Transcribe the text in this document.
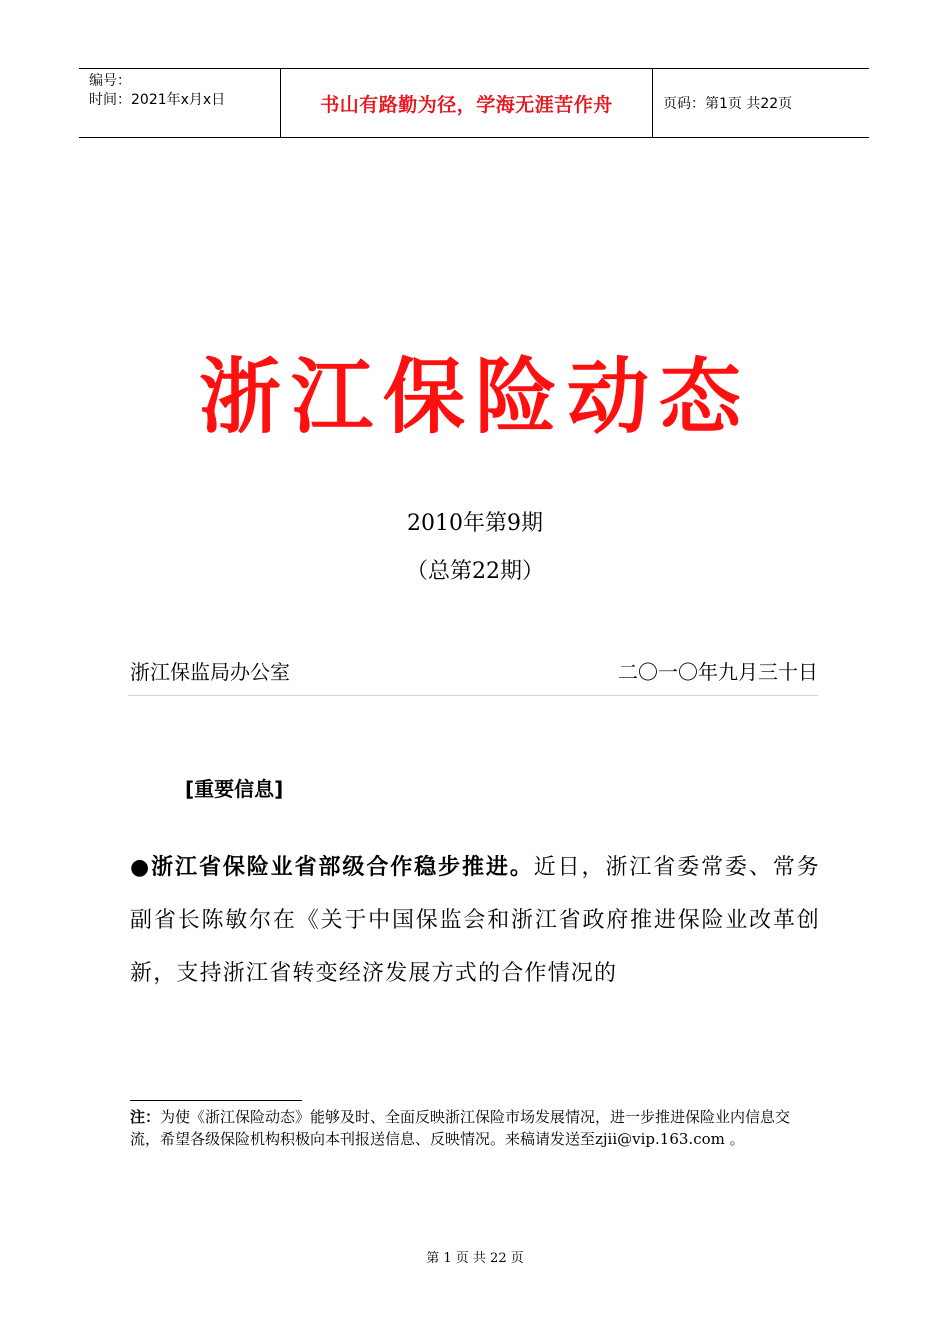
编号：
时间：2021年x月x日	书山有路勤为径，学海无涯苦作舟	页码：第1页 共22页
浙江保险动态
2010年第9期
（总第22期）
浙江保监局办公室	二〇一〇年九月三十日
[重要信息]
●浙江省保险业省部级合作稳步推进。近日，浙江省委常委、常务副省长陈敏尔在《关于中国保监会和浙江省政府推进保险业改革创新，支持浙江省转变经济发展方式的合作情况的
注：为使《浙江保险动态》能够及时、全面反映浙江保险市场发展情况，进一步推进保险业内信息交流，希望各级保险机构积极向本刊报送信息、反映情况。来稿请发送至zjii@vip.163.com 。
第 1 页 共 22 页
